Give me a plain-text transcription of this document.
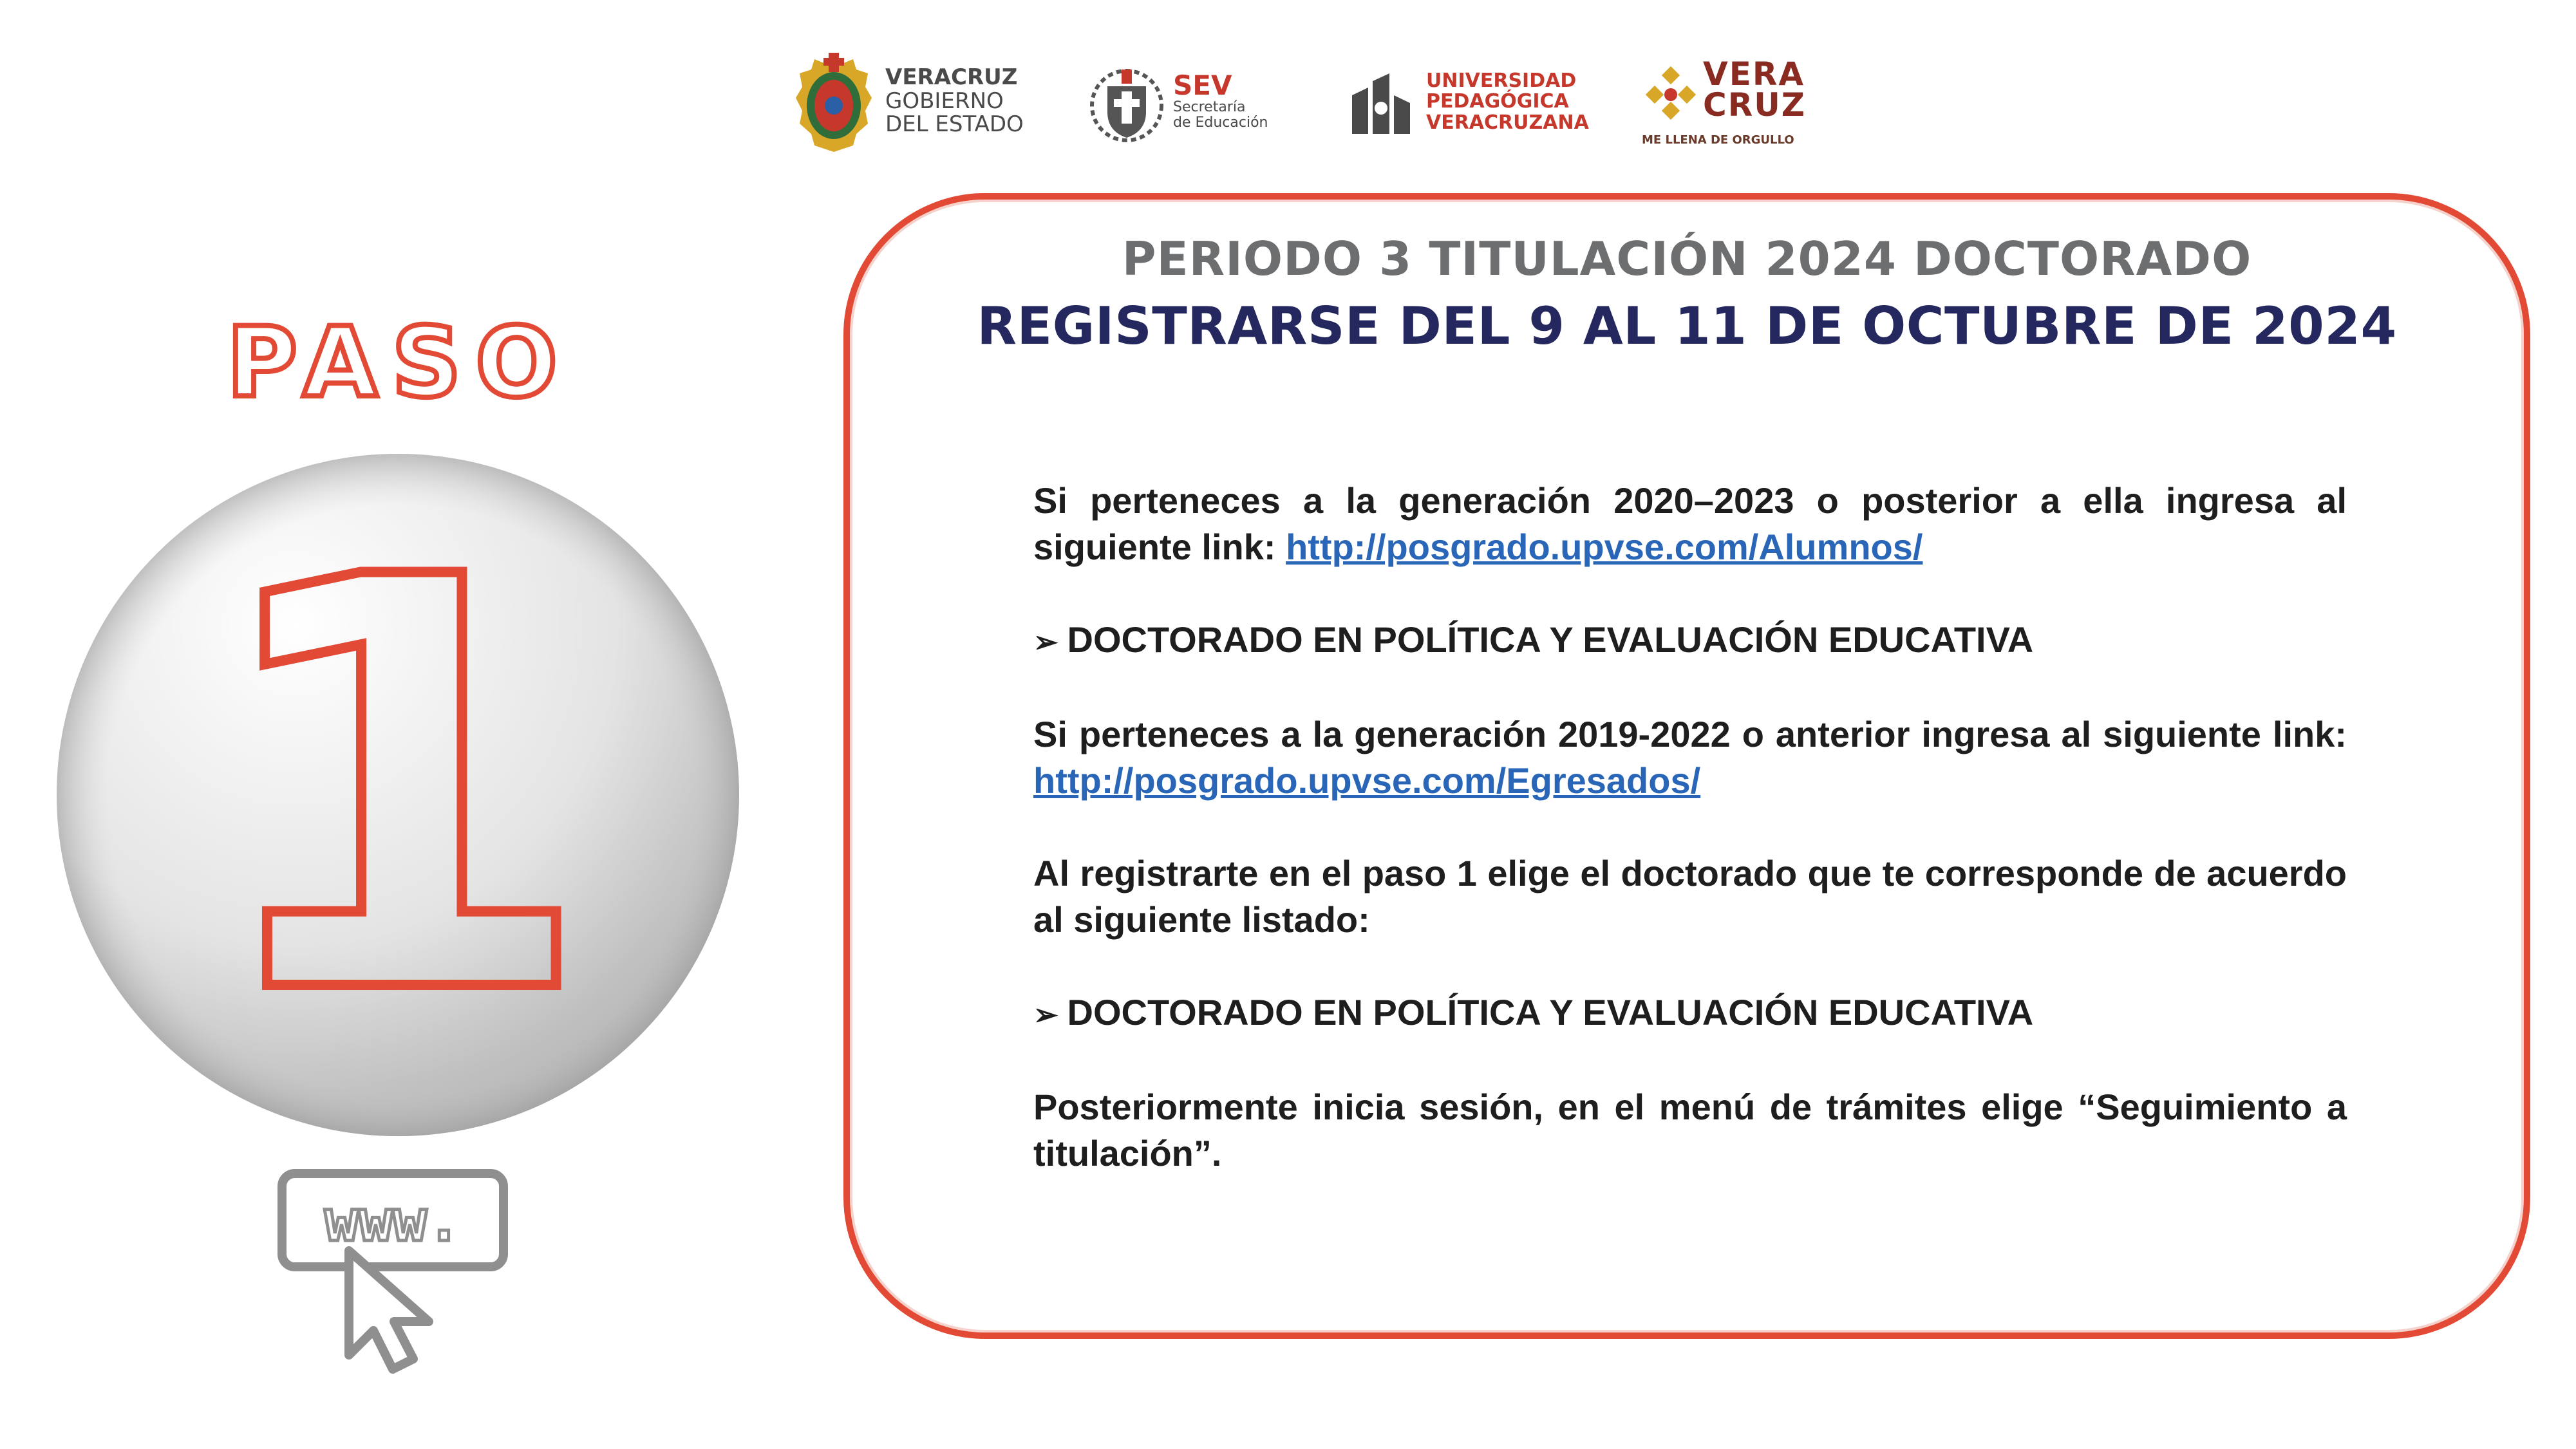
VERACRUZ
GOBIERNO
DEL ESTADO
SEV
Secretaría
de Educación
UNIVERSIDAD
PEDAGÓGICA
VERACRUZANA
VERA
CRUZ
ME LLENA DE ORGULLO
PASO
1
www.
PERIODO 3 TITULACIÓN 2024 DOCTORADO
REGISTRARSE DEL 9 AL 11 DE OCTUBRE DE 2024

Si perteneces a la generación 2020–2023 o posterior a ella ingresa al siguiente link: http://posgrado.upvse.com/Alumnos/

➢ DOCTORADO EN POLÍTICA Y EVALUACIÓN EDUCATIVA

Si perteneces a la generación 2019-2022 o anterior ingresa al siguiente link: http://posgrado.upvse.com/Egresados/

Al registrarte en el paso 1 elige el doctorado que te corresponde de acuerdo al siguiente listado:

➢ DOCTORADO EN POLÍTICA Y EVALUACIÓN EDUCATIVA

Posteriormente inicia sesión, en el menú de trámites elige “Seguimiento a titulación”.
